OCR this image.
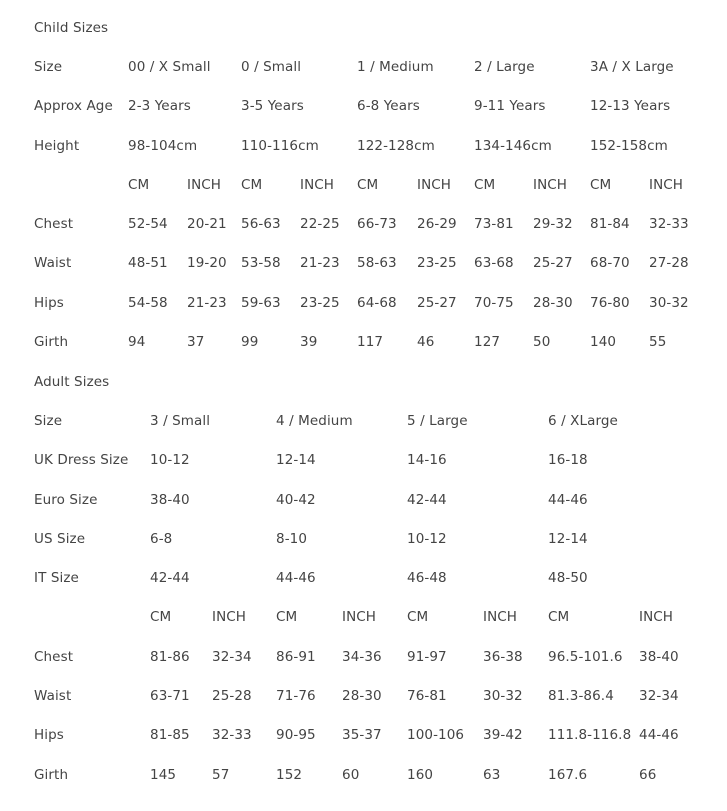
Child Sizes										
Size	00 / X Small		0 / Small		1 / Medium		2 / Large		3A / X Large	
Approx Age	2-3 Years		3-5 Years		6-8 Years		9-11 Years		12-13 Years	
Height	98-104cm		110-116cm		122-128cm		134-146cm		152-158cm	
	CM	INCH	CM	INCH	CM	INCH	CM	INCH	CM	INCH
Chest	52-54	20-21	56-63	22-25	66-73	26-29	73-81	29-32	81-84	32-33
Waist	48-51	19-20	53-58	21-23	58-63	23-25	63-68	25-27	68-70	27-28
Hips	54-58	21-23	59-63	23-25	64-68	25-27	70-75	28-30	76-80	30-32
Girth	94	37	99	39	117	46	127	50	140	55
Adult Sizes								
Size	3 / Small		4 / Medium		5 / Large		6 / XLarge	
UK Dress Size	10-12		12-14		14-16		16-18	
Euro Size	38-40		40-42		42-44		44-46	
US Size	6-8		8-10		10-12		12-14	
IT Size	42-44		44-46		46-48		48-50	
	CM	INCH	CM	INCH	CM	INCH	CM	INCH
Chest	81-86	32-34	86-91	34-36	91-97	36-38	96.5-101.6	38-40
Waist	63-71	25-28	71-76	28-30	76-81	30-32	81.3-86.4	32-34
Hips	81-85	32-33	90-95	35-37	100-106	39-42	111.8-116.8	44-46
Girth	145	57	152	60	160	63	167.6	66
